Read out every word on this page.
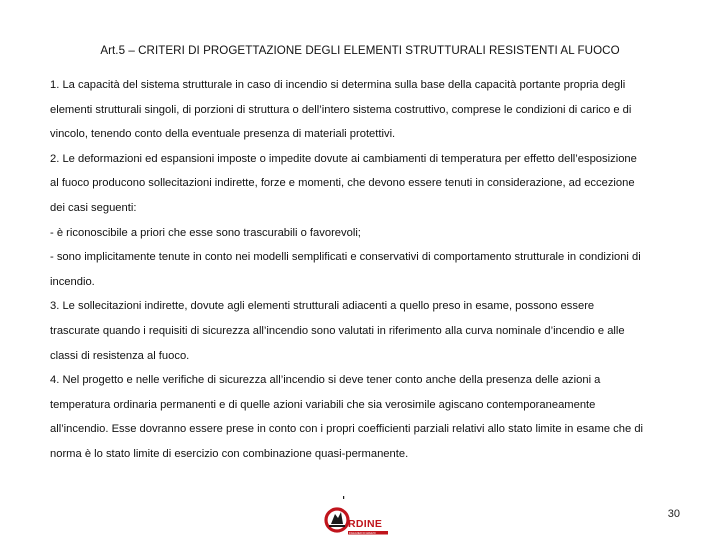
Art.5 – CRITERI DI PROGETTAZIONE DEGLI ELEMENTI STRUTTURALI RESISTENTI AL FUOCO

1. La capacità del sistema strutturale in caso di incendio si determina sulla base della capacità portante propria degli

elementi strutturali singoli, di porzioni di struttura o dell’intero sistema costruttivo, comprese le condizioni di carico e di

vincolo, tenendo conto della eventuale presenza di materiali protettivi.

2. Le deformazioni ed espansioni imposte o impedite dovute ai cambiamenti di temperatura per effetto dell’esposizione

al fuoco producono sollecitazioni indirette, forze e momenti, che devono essere tenuti in considerazione, ad eccezione

dei casi seguenti:

- è riconoscibile a priori che esse sono trascurabili o favorevoli;

- sono implicitamente tenute in conto nei modelli semplificati e conservativi di comportamento strutturale in condizioni di

incendio.

3. Le sollecitazioni indirette, dovute agli elementi strutturali adiacenti a quello preso in esame, possono essere

trascurate quando i requisiti di sicurezza all’incendio sono valutati in riferimento alla curva nominale d’incendio e alle

classi di resistenza al fuoco.

4. Nel progetto e nelle verifiche di sicurezza all’incendio si deve tener conto anche della presenza delle azioni a

temperatura ordinaria permanenti e di quelle azioni variabili che sia verosimile agiscano contemporaneamente

all’incendio. Esse dovranno essere prese in conto con i propri coefficienti parziali relativi allo stato limite in esame che di

norma è lo stato limite di esercizio con combinazione quasi-permanente.

RDINE
INGEGNERI DI AREZZO
30
